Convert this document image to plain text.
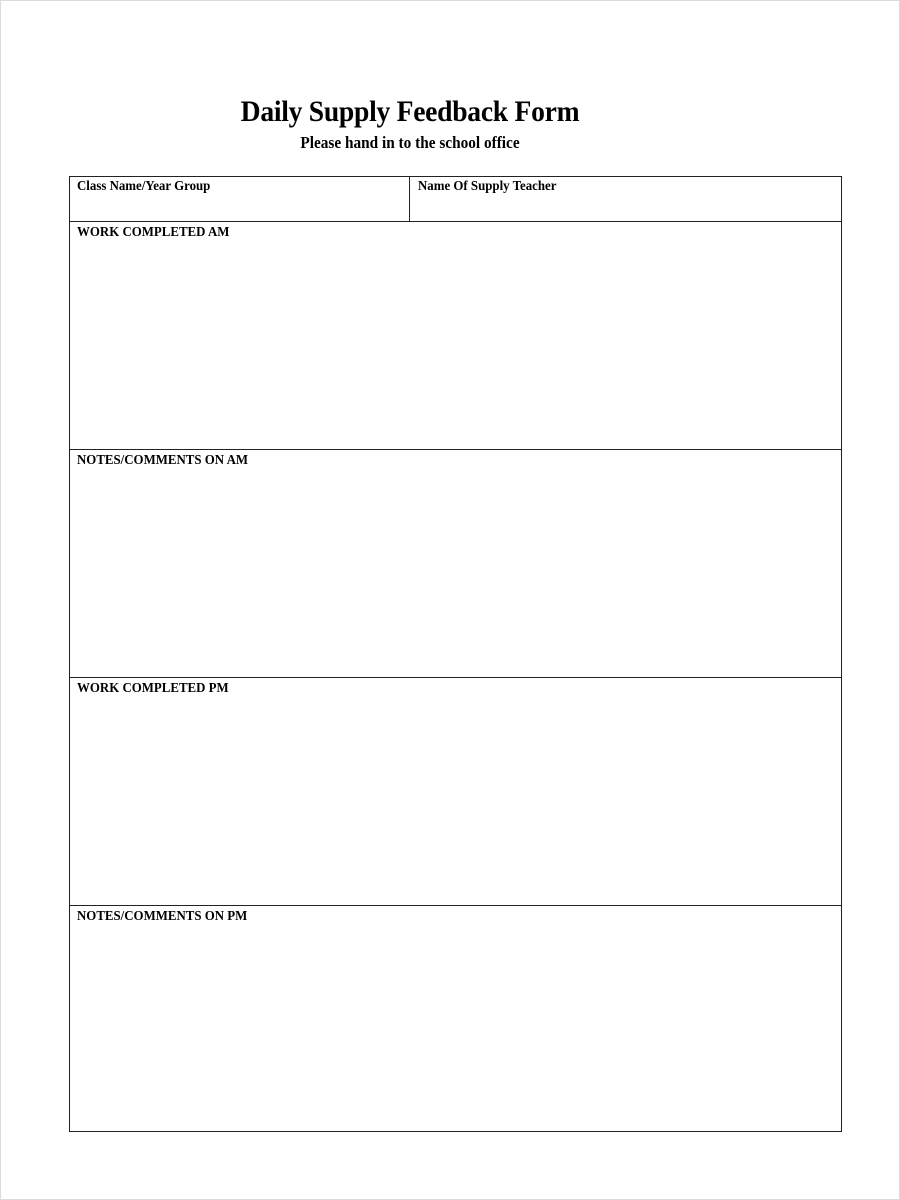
Daily Supply Feedback Form
Please hand in to the school office
Class Name/Year Group	Name Of Supply Teacher
WORK COMPLETED AM
NOTES/COMMENTS ON AM
WORK COMPLETED PM
NOTES/COMMENTS ON PM
